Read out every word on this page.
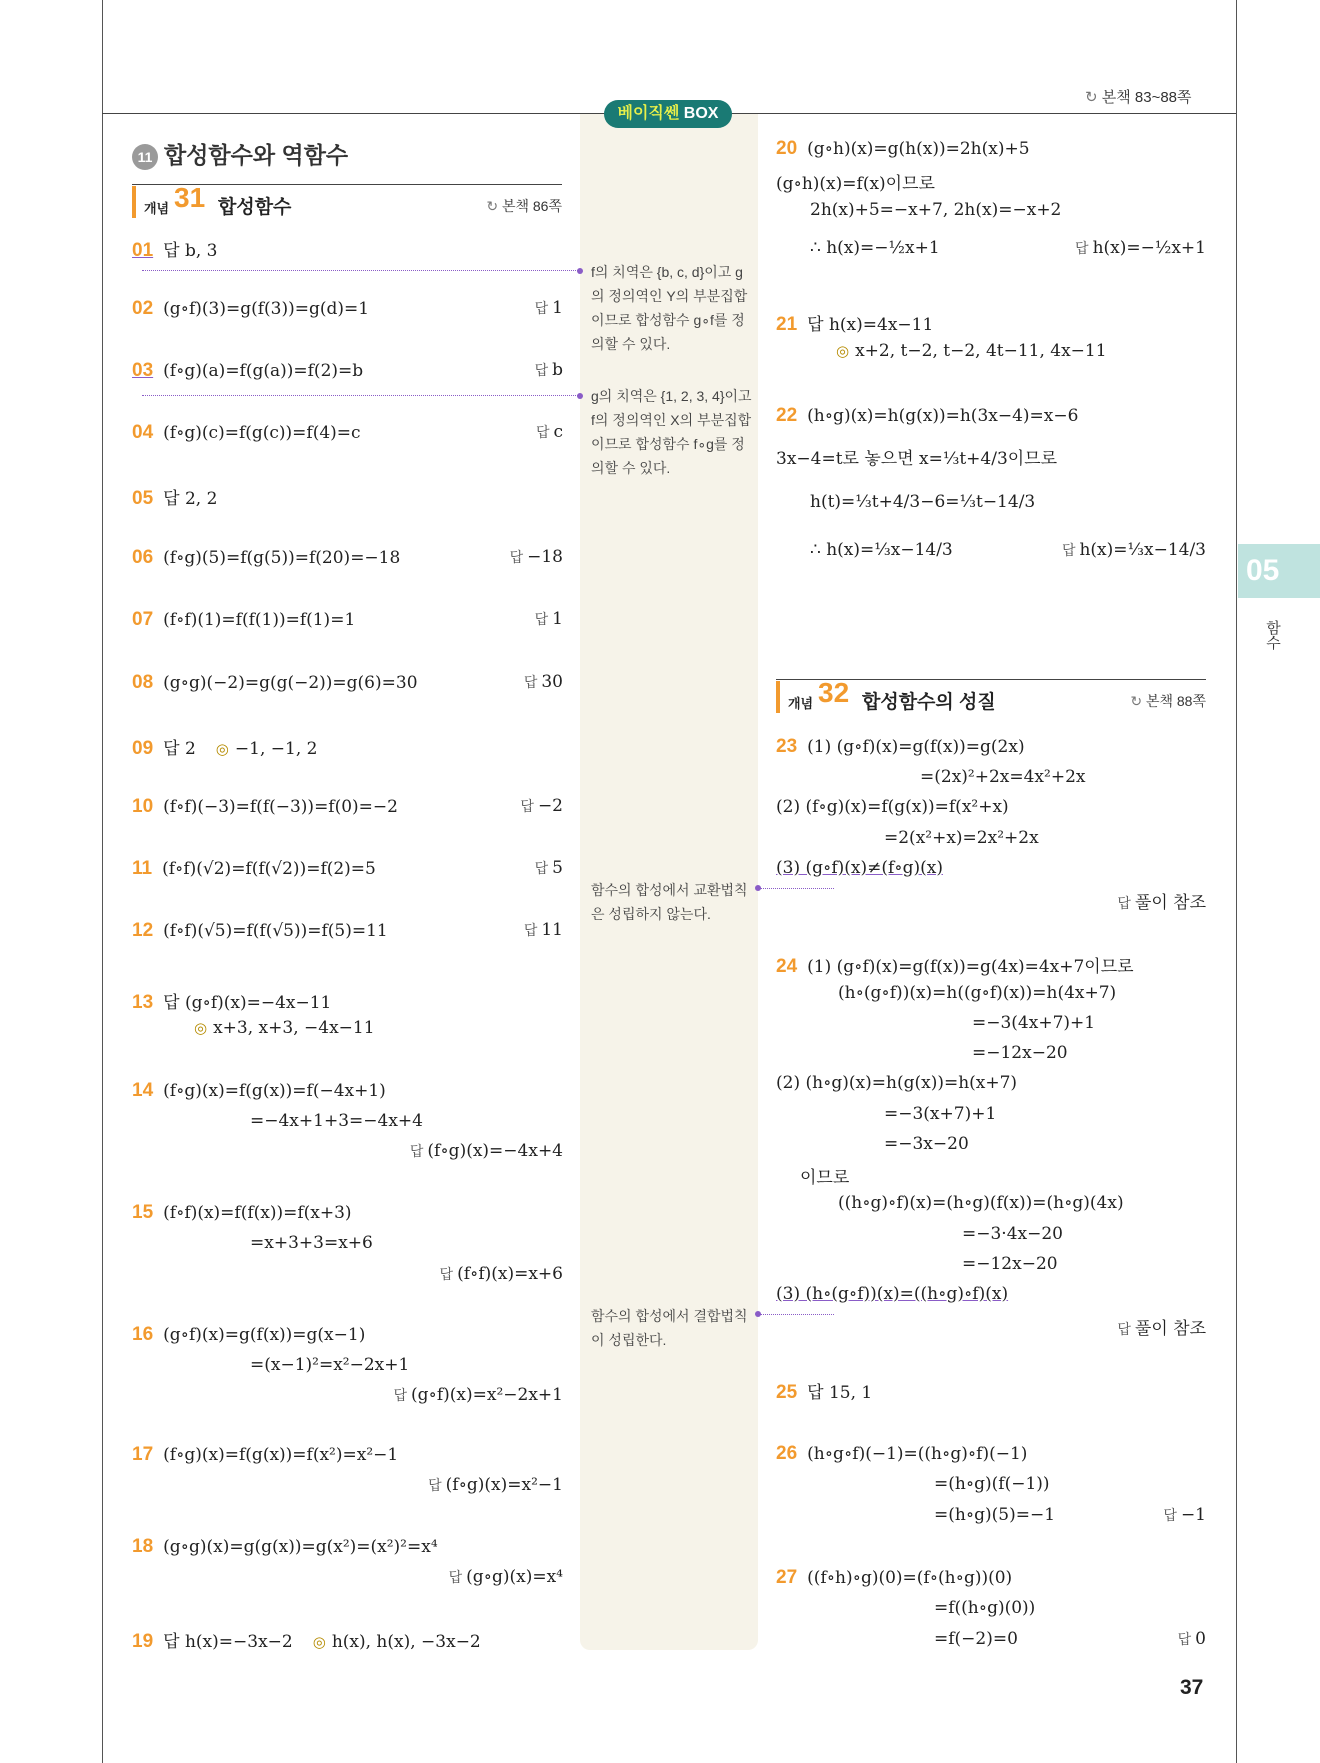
↻ 본책 83~88쪽
베이직쎈 BOX
05
함수
11 합성함수와 역함수
개념 31 합성함수	↻ 본책 86쪽
01 답 b, 3
02 (g∘f)(3)=g(f(3))=g(d)=1	답 1
03 (f∘g)(a)=f(g(a))=f(2)=b	답 b
04 (f∘g)(c)=f(g(c))=f(4)=c	답 c
05 답 2, 2
06 (f∘g)(5)=f(g(5))=f(20)=−18	답 −18
07 (f∘f)(1)=f(f(1))=f(1)=1	답 1
08 (g∘g)(−2)=g(g(−2))=g(6)=30	답 30
09 답 2 ◎ −1, −1, 2
10 (f∘f)(−3)=f(f(−3))=f(0)=−2	답 −2
11 (f∘f)(√2)=f(f(√2))=f(2)=5	답 5
12 (f∘f)(√5)=f(f(√5))=f(5)=11	답 11
13 답 (g∘f)(x)=−4x−11
◎ x+3, x+3, −4x−11
14 (f∘g)(x)=f(g(x))=f(−4x+1)
=−4x+1+3=−4x+4
답 (f∘g)(x)=−4x+4
15 (f∘f)(x)=f(f(x))=f(x+3)
=x+3+3=x+6
답 (f∘f)(x)=x+6
16 (g∘f)(x)=g(f(x))=g(x−1)
=(x−1)²=x²−2x+1
답 (g∘f)(x)=x²−2x+1
17 (f∘g)(x)=f(g(x))=f(x²)=x²−1
답 (f∘g)(x)=x²−1
18 (g∘g)(x)=g(g(x))=g(x²)=(x²)²=x⁴
답 (g∘g)(x)=x⁴
19 답 h(x)=−3x−2 ◎ h(x), h(x), −3x−2
f의 치역은 {b, c, d}이고 g의 정의역인 Y의 부분집합이므로 합성함수 g∘f를 정의할 수 있다.
g의 치역은 {1, 2, 3, 4}이고 f의 정의역인 X의 부분집합이므로 합성함수 f∘g를 정의할 수 있다.
함수의 합성에서 교환법칙은 성립하지 않는다.
함수의 합성에서 결합법칙이 성립한다.
20 (g∘h)(x)=g(h(x))=2h(x)+5
(g∘h)(x)=f(x)이므로
2h(x)+5=−x+7, 2h(x)=−x+2
∴ h(x)=−½x+1	답 h(x)=−½x+1
21 답 h(x)=4x−11
◎ x+2, t−2, t−2, 4t−11, 4x−11
22 (h∘g)(x)=h(g(x))=h(3x−4)=x−6
3x−4=t로 놓으면 x=⅓t+4/3이므로
h(t)=⅓t+4/3−6=⅓t−14/3
∴ h(x)=⅓x−14/3	답 h(x)=⅓x−14/3
개념 32 합성함수의 성질	↻ 본책 88쪽
23 (1) (g∘f)(x)=g(f(x))=g(2x)
=(2x)²+2x=4x²+2x
(2) (f∘g)(x)=f(g(x))=f(x²+x)
=2(x²+x)=2x²+2x
(3) (g∘f)(x)≠(f∘g)(x)
답 풀이 참조
24 (1) (g∘f)(x)=g(f(x))=g(4x)=4x+7이므로
(h∘(g∘f))(x)=h((g∘f)(x))=h(4x+7)
=−3(4x+7)+1
=−12x−20
(2) (h∘g)(x)=h(g(x))=h(x+7)
=−3(x+7)+1
=−3x−20
이므로
((h∘g)∘f)(x)=(h∘g)(f(x))=(h∘g)(4x)
=−3·4x−20
=−12x−20
(3) (h∘(g∘f))(x)=((h∘g)∘f)(x)
답 풀이 참조
25 답 15, 1
26 (h∘g∘f)(−1)=((h∘g)∘f)(−1)
=(h∘g)(f(−1))
=(h∘g)(5)=−1	답 −1
27 ((f∘h)∘g)(0)=(f∘(h∘g))(0)
=f((h∘g)(0))
=f(−2)=0	답 0
37
